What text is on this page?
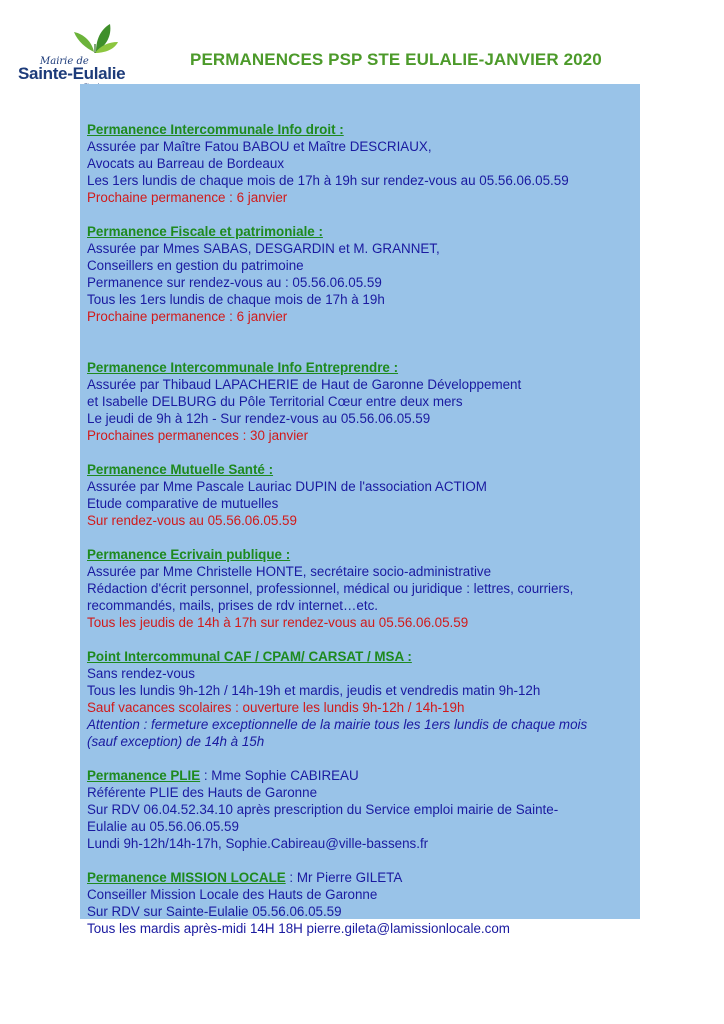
Mairie de
Sainte-Eulalie
PERMANENCES PSP STE EULALIE-JANVIER 2020
Permanence Intercommunale Info droit :
Assurée par Maître Fatou BABOU et Maître DESCRIAUX,
Avocats au Barreau de Bordeaux
Les 1ers lundis de chaque mois de 17h à 19h sur rendez-vous au 05.56.06.05.59
Prochaine permanence : 6 janvier
Permanence Fiscale et patrimoniale :
Assurée par Mmes SABAS, DESGARDIN et M. GRANNET,
Conseillers en gestion du patrimoine
Permanence sur rendez-vous au : 05.56.06.05.59
Tous les 1ers lundis de chaque mois de 17h à 19h
Prochaine permanence : 6 janvier
Permanence Intercommunale Info Entreprendre :
Assurée par Thibaud LAPACHERIE de Haut de Garonne Développement
et Isabelle DELBURG du Pôle Territorial Cœur entre deux mers
Le jeudi de 9h à 12h - Sur rendez-vous au 05.56.06.05.59
Prochaines permanences : 30 janvier
Permanence Mutuelle Santé :
Assurée par Mme Pascale Lauriac DUPIN de l'association ACTIOM
Etude comparative de mutuelles
Sur rendez-vous au 05.56.06.05.59
Permanence Ecrivain publique :
Assurée par Mme Christelle HONTE, secrétaire socio-administrative
Rédaction d'écrit personnel, professionnel, médical ou juridique : lettres, courriers,
recommandés, mails, prises de rdv internet…etc.
Tous les jeudis de 14h à 17h sur rendez-vous au 05.56.06.05.59
Point Intercommunal CAF / CPAM/ CARSAT / MSA :
Sans rendez-vous
Tous les lundis 9h-12h / 14h-19h et mardis, jeudis et vendredis matin 9h-12h
Sauf vacances scolaires : ouverture les lundis 9h-12h / 14h-19h
Attention : fermeture exceptionnelle de la mairie tous les 1ers lundis de chaque mois
(sauf exception) de 14h à 15h
Permanence PLIE : Mme Sophie CABIREAU
Référente PLIE des Hauts de Garonne
Sur RDV 06.04.52.34.10 après prescription du Service emploi mairie de Sainte-
Eulalie au 05.56.06.05.59
Lundi 9h-12h/14h-17h, Sophie.Cabireau@ville-bassens.fr
Permanence MISSION LOCALE : Mr Pierre GILETA
Conseiller Mission Locale des Hauts de Garonne
Sur RDV sur Sainte-Eulalie 05.56.06.05.59
Tous les mardis après-midi 14H 18H pierre.gileta@lamissionlocale.com
